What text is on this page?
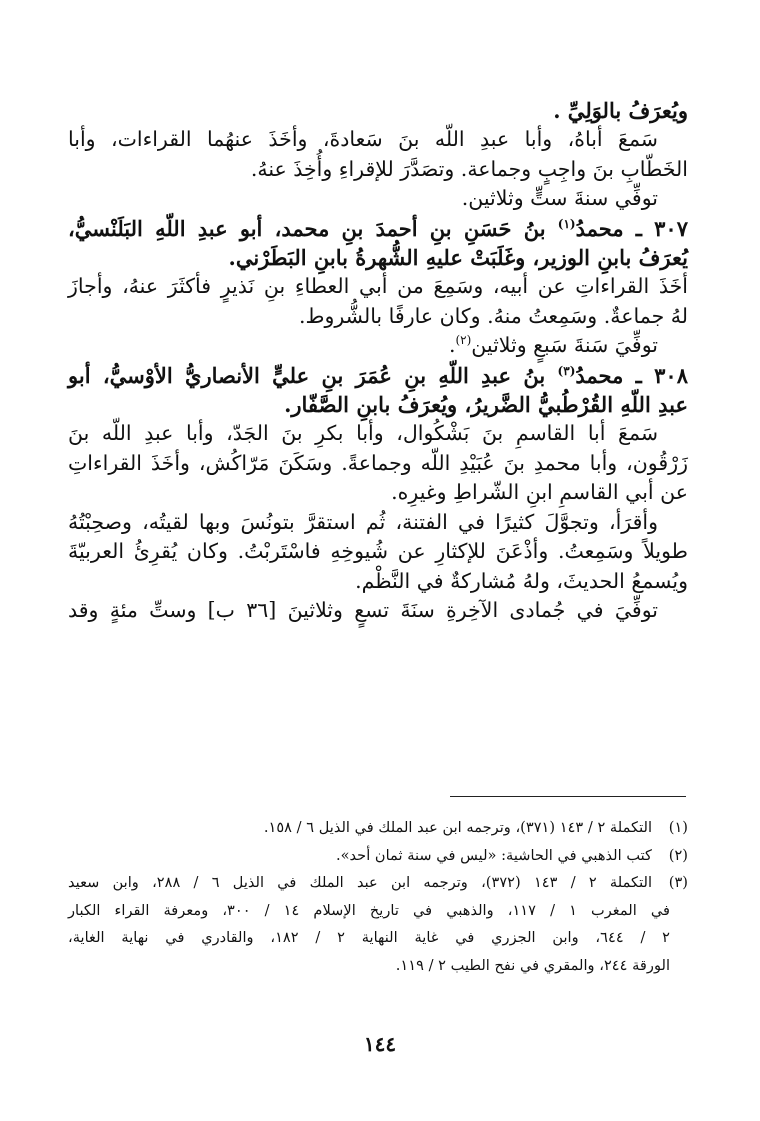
ويُعرَفُ بالوَلِيِّ .
سَمعَ أباهُ، وأبا عبدِ اللّه بنَ سَعادةَ، وأخَذَ عنهُما القراءات، وأبا
الخَطّابِ بنَ واجِبٍ وجماعة. وتصَدَّرَ للإقراءِ وأُخِذَ عنهُ.
توفِّي سنةَ ستٍّ وثلاثين.
٣٠٧ ـ محمدُ$^{(١)}$ بنُ حَسَنِ بنِ أحمدَ بنِ محمد، أبو عبدِ اللّهِ البَلَنْسيُّ،
يُعرَفُ بابنِ الوزير، وغَلَبَتْ عليهِ الشُّهرةُ بابنِ البَطَرْني.
أخَذَ القراءاتِ عن أبيه، وسَمِعَ من أبي العطاءِ بنِ نَذيرٍ فأكثَرَ عنهُ، وأجازَ
لهُ جماعةٌ. وسَمِعتُ منهُ. وكان عارفًا بالشُّروط.
توفِّيَ سَنةَ سَبعٍ وثلاثين$^{(٢)}$.
٣٠٨ ـ محمدُ$^{(٣)}$ بنُ عبدِ اللّهِ بنِ عُمَرَ بنِ عليٍّ الأنصاريُّ الأوْسيُّ، أبو
عبدِ اللّهِ القُرْطُبيُّ الضَّريرُ، ويُعرَفُ بابنِ الصَّفّار.
سَمعَ أبا القاسمِ بنَ بَشْكُوال، وأبا بكرِ بنَ الجَدّ، وأبا عبدِ اللّه بنَ
زَرْقُون، وأبا محمدِ بنَ عُبَيْدِ اللّه وجماعةً. وسَكَنَ مَرّاكُش، وأخَذَ القراءاتِ
عن أبي القاسمِ ابنِ الشّراطِ وغيرِه.
وأقرَأ، وتجوَّلَ كثيرًا في الفتنة، ثُم استقرَّ بتونُسَ وبها لقيتُه، وصحِبْتُهُ
طويلاً وسَمِعتُ. وأذْعَنَ للإكثارِ عن شُيوخِهِ فاسْتَربْتُ. وكان يُقرِئُ العربيّةَ
ويُسمعُ الحديثَ، ولهُ مُشاركةٌ في النَّظْم.
توفِّيَ في جُمادى الآخِرةِ سنَةَ تسعٍ وثلاثينَ [٣٦ ب] وستِّ مئةٍ وقد
(١)
التكملة ٢ / ١٤٣ (٣٧١)، وترجمه ابن عبد الملك في الذيل ٦ / ١٥٨.
(٢)
كتب الذهبي في الحاشية: «ليس في سنة ثمان أحد».
(٣)
التكملة ٢ / ١٤٣ (٣٧٢)، وترجمه ابن عبد الملك في الذيل ٦ / ٢٨٨، وابن سعيد
في المغرب ١ / ١١٧، والذهبي في تاريخ الإسلام ١٤ / ٣٠٠، ومعرفة القراء الكبار
٢ / ٦٤٤، وابن الجزري في غاية النهاية ٢ / ١٨٢، والقادري في نهاية الغاية،
الورقة ٢٤٤، والمقري في نفح الطيب ٢ / ١١٩.
١٤٤
